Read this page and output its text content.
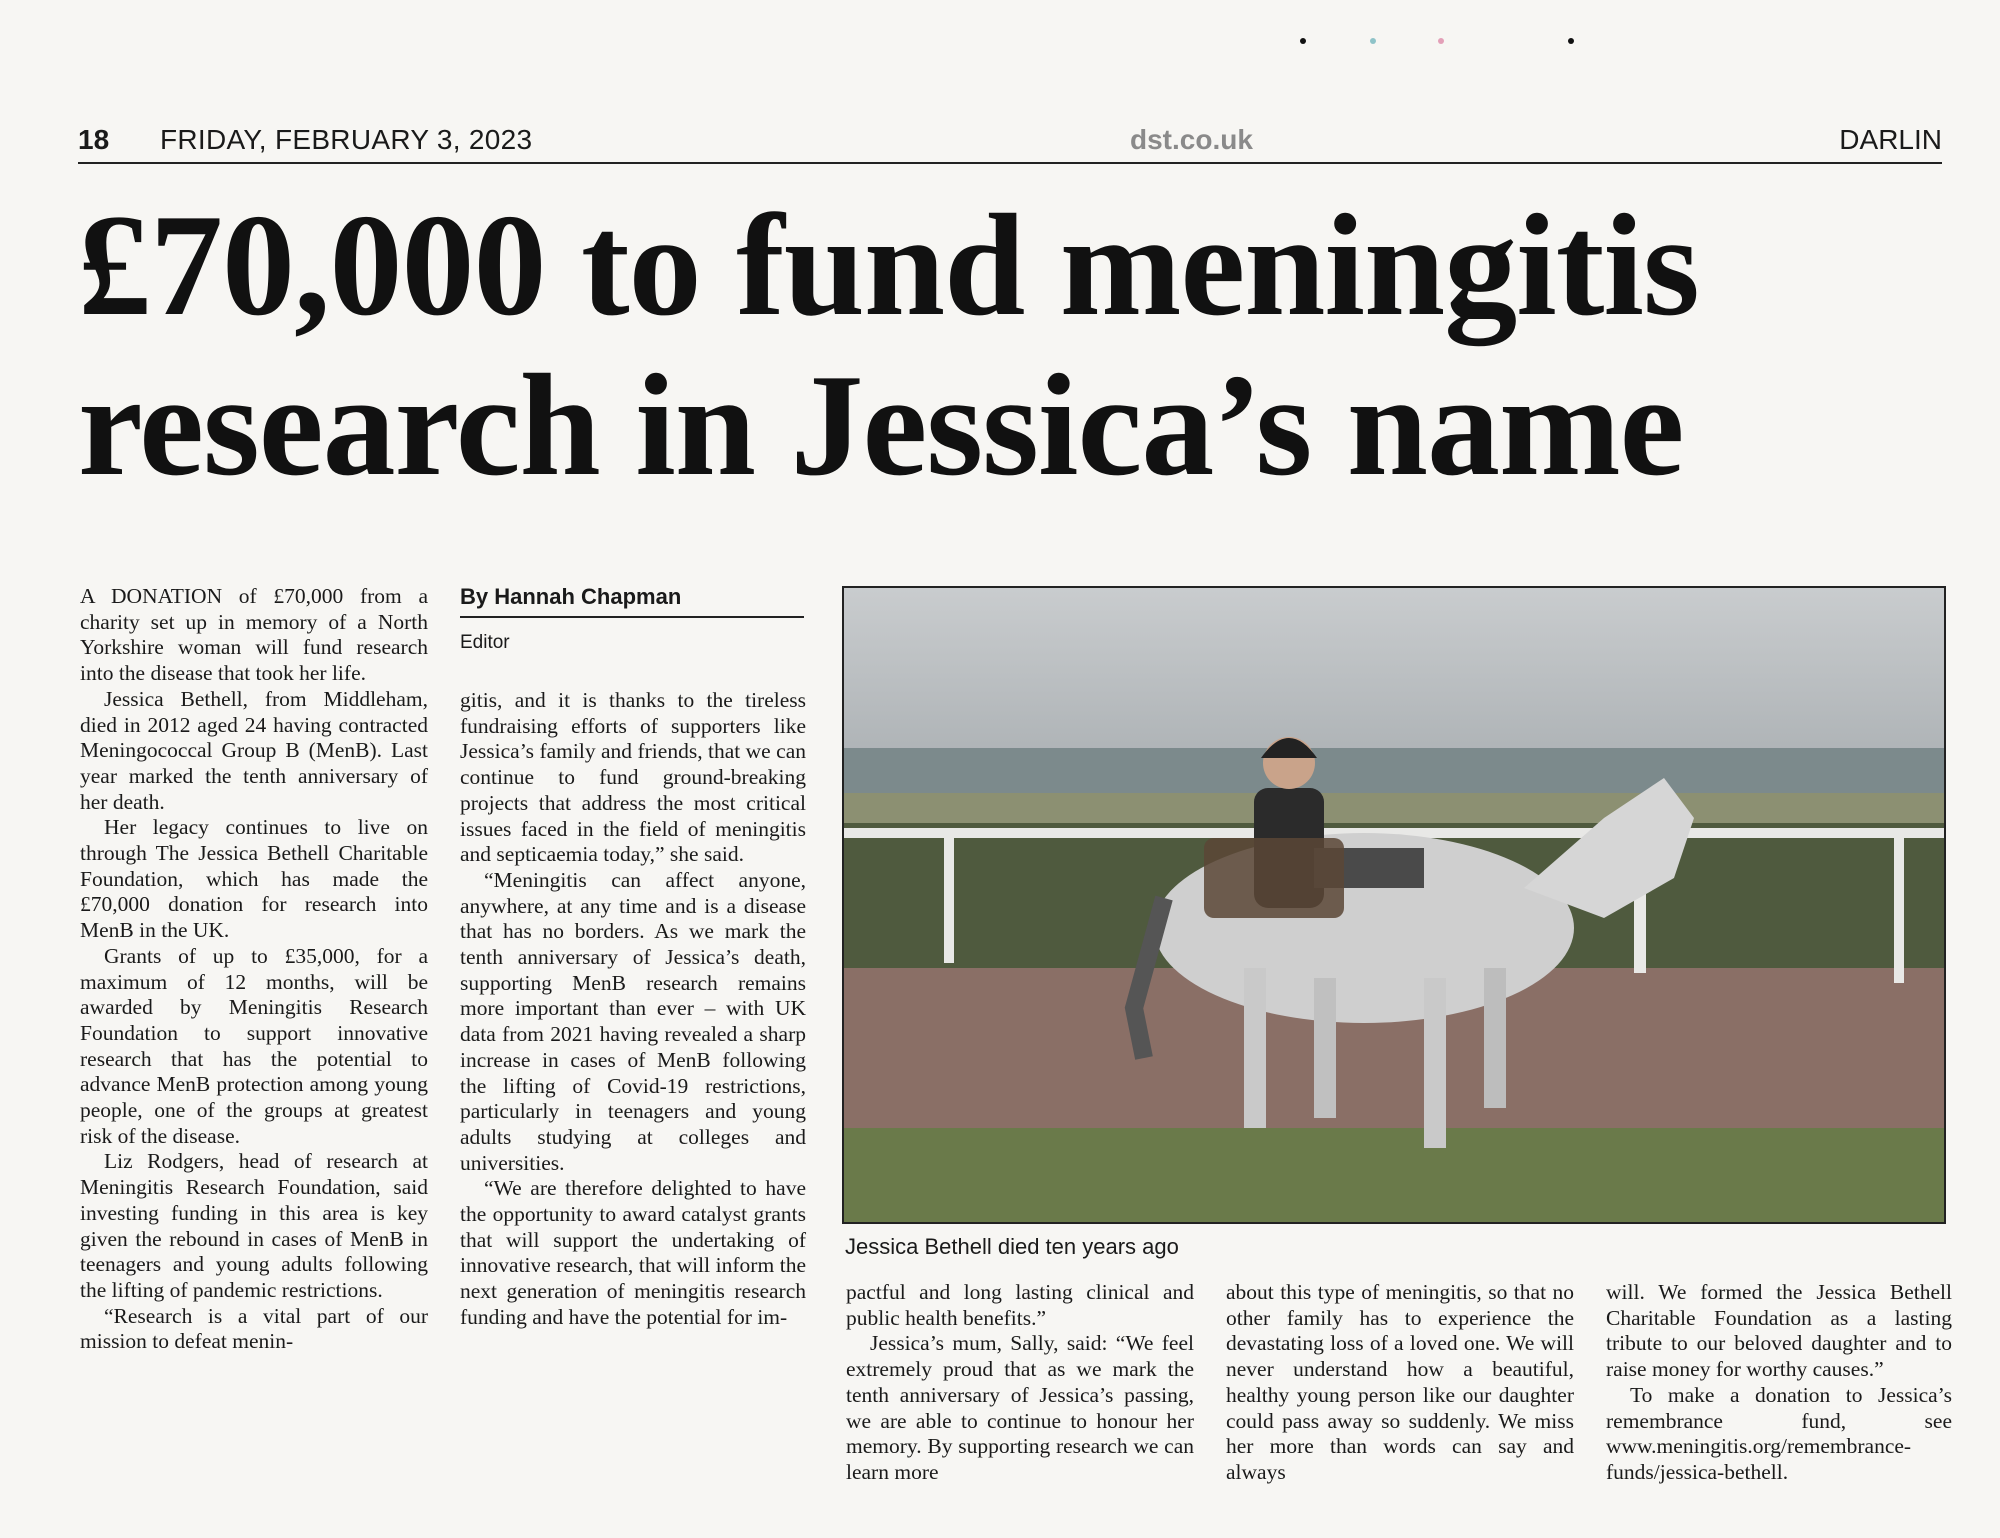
18 FRIDAY, FEBRUARY 3, 2023	dst.co.uk	DARLIN
£70,000 to fund meningitis
research in Jessica’s name

A DONATION of £70,000 from a charity set up in memory of a North Yorkshire woman will fund research into the disease that took her life.

Jessica Bethell, from Middleham, died in 2012 aged 24 having contracted Meningococcal Group B (MenB). Last year marked the tenth anniversary of her death.

Her legacy continues to live on through The Jessica Bethell Charitable Foundation, which has made the £70,000 donation for research into MenB in the UK.

Grants of up to £35,000, for a maximum of 12 months, will be awarded by Meningitis Research Foundation to support innovative research that has the potential to advance MenB protection among young people, one of the groups at greatest risk of the disease.

Liz Rodgers, head of research at Meningitis Research Foundation, said investing funding in this area is key given the rebound in cases of MenB in teenagers and young adults following the lifting of pandemic restrictions.

“Research is a vital part of our mission to defeat menin-

By Hannah Chapman
Editor

gitis, and it is thanks to the tireless fundraising efforts of supporters like Jessica’s family and friends, that we can continue to fund ground-breaking projects that address the most critical issues faced in the field of meningitis and septicaemia today,” she said.

“Meningitis can affect anyone, anywhere, at any time and is a disease that has no borders. As we mark the tenth anniversary of Jessica’s death, supporting MenB research remains more important than ever – with UK data from 2021 having revealed a sharp increase in cases of MenB following the lifting of Covid-19 restrictions, particularly in teenagers and young adults studying at colleges and universities.

“We are therefore delighted to have the opportunity to award catalyst grants that will support the undertaking of innovative research, that will inform the next generation of meningitis research funding and have the potential for im-

Jessica Bethell died ten years ago

pactful and long lasting clinical and public health benefits.”

Jessica’s mum, Sally, said: “We feel extremely proud that as we mark the tenth anniversary of Jessica’s passing, we are able to continue to honour her memory. By supporting research we can learn more

about this type of meningitis, so that no other family has to experience the devastating loss of a loved one. We will never understand how a beautiful, healthy young person like our daughter could pass away so suddenly. We miss her more than words can say and always

will. We formed the Jessica Bethell Charitable Foundation as a lasting tribute to our beloved daughter and to raise money for worthy causes.”

To make a donation to Jessica’s remembrance fund, see www.meningitis.org/remembrance-funds/jessica-bethell.
